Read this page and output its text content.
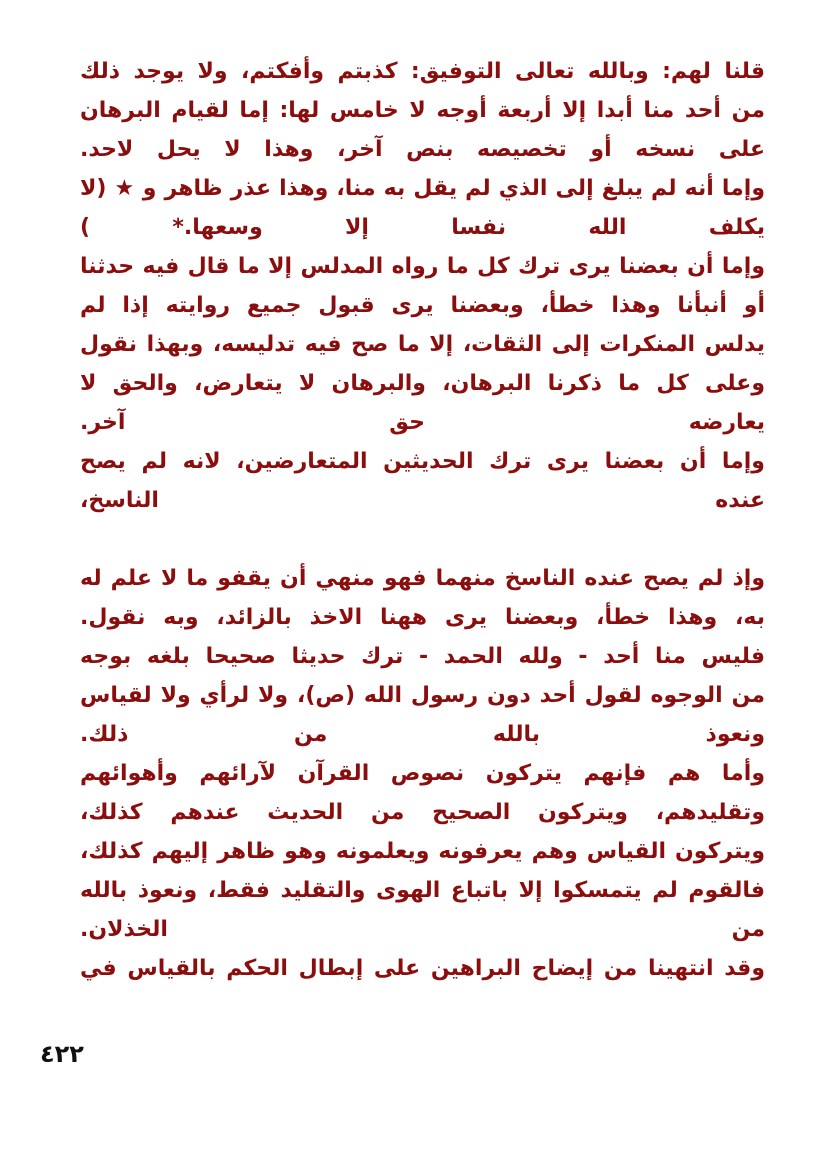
قلنا لهم: وبالله تعالى التوفيق: كذبتم وأفكتم، ولا يوجد ذلك
من أحد منا أبدا إلا أربعة أوجه لا خامس لها: إما لقيام البرهان
على نسخه أو تخصيصه بنص آخر، وهذا لا يحل لاحد.
وإما أنه لم يبلغ إلى الذي لم يقل به منا، وهذا عذر ظاهر و ★ (لا
يكلف الله نفسا إلا وسعها.* )
وإما أن بعضنا يرى ترك كل ما رواه المدلس إلا ما قال فيه حدثنا
أو أنبأنا وهذا خطأ، وبعضنا يرى قبول جميع روايته إذا لم
يدلس المنكرات إلى الثقات، إلا ما صح فيه تدليسه، وبهذا نقول
وعلى كل ما ذكرنا البرهان، والبرهان لا يتعارض، والحق لا
يعارضه حق آخر.
وإما أن بعضنا يرى ترك الحديثين المتعارضين، لانه لم يصح
عنده الناسخ،
وإذ لم يصح عنده الناسخ منهما فهو منهي أن يقفو ما لا علم له
به، وهذا خطأ، وبعضنا يرى ههنا الاخذ بالزائد، وبه نقول.
فليس منا أحد - ولله الحمد - ترك حديثا صحيحا بلغه بوجه
من الوجوه لقول أحد دون رسول الله (ص)، ولا لرأي ولا لقياس
ونعوذ بالله من ذلك.
وأما هم فإنهم يتركون نصوص القرآن لآرائهم وأهوائهم
وتقليدهم، ويتركون الصحيح من الحديث عندهم كذلك،
ويتركون القياس وهم يعرفونه ويعلمونه وهو ظاهر إليهم كذلك،
فالقوم لم يتمسكوا إلا باتباع الهوى والتقليد فقط، ونعوذ بالله
من الخذلان.
وقد انتهينا من إيضاح البراهين على إبطال الحكم بالقياس في
٤٢٢
